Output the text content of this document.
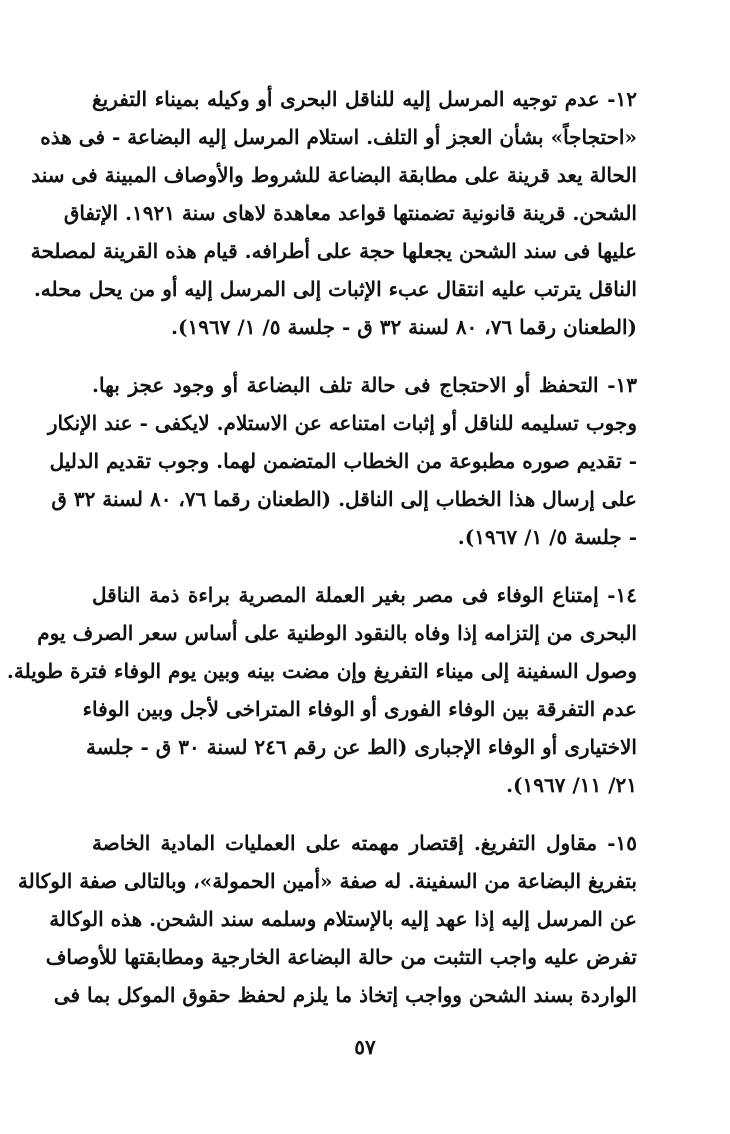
١٢- عدم توجيه المرسل إليه للناقل البحرى أو وكيله بميناء التفريغ
«احتجاجاً» بشأن العجز أو التلف. استلام المرسل إليه البضاعة - فى هذه
الحالة يعد قرينة على مطابقة البضاعة للشروط والأوصاف المبينة فى سند
الشحن. قرينة قانونية تضمنتها قواعد معاهدة لاهاى سنة ١٩٢١. الإتفاق
عليها فى سند الشحن يجعلها حجة على أطرافه. قيام هذه القرينة لمصلحة
الناقل يترتب عليه انتقال عبء الإثبات إلى المرسل إليه أو من يحل محله.
(الطعنان رقما ٧٦، ٨٠ لسنة ٣٢ ق - جلسة ٥/ ١/ ١٩٦٧).
١٣- التحفظ أو الاحتجاج فى حالة تلف البضاعة أو وجود عجز بها.
وجوب تسليمه للناقل أو إثبات امتناعه عن الاستلام. لايكفى - عند الإنكار
- تقديم صوره مطبوعة من الخطاب المتضمن لهما. وجوب تقديم الدليل
على إرسال هذا الخطاب إلى الناقل. (الطعنان رقما ٧٦، ٨٠ لسنة ٣٢ ق
- جلسة ٥/ ١/ ١٩٦٧).
١٤- إمتناع الوفاء فى مصر بغير العملة المصرية براءة ذمة الناقل
البحرى من إلتزامه إذا وفاه بالنقود الوطنية على أساس سعر الصرف يوم
وصول السفينة إلى ميناء التفريغ وإن مضت بينه وبين يوم الوفاء فترة طويلة.
عدم التفرقة بين الوفاء الفورى أو الوفاء المتراخى لأجل وبين الوفاء
الاختيارى أو الوفاء الإجبارى (الط عن رقم ٢٤٦ لسنة ٣٠ ق - جلسة
٢١/ ١١/ ١٩٦٧).
١٥- مقاول التفريغ. إقتصار مهمته على العمليات المادية الخاصة
بتفريغ البضاعة من السفينة. له صفة «أمين الحمولة»، وبالتالى صفة الوكالة
عن المرسل إليه إذا عهد إليه بالإستلام وسلمه سند الشحن. هذه الوكالة
تفرض عليه واجب التثبت من حالة البضاعة الخارجية ومطابقتها للأوصاف
الواردة بسند الشحن وواجب إتخاذ ما يلزم لحفظ حقوق الموكل بما فى
٥٧
